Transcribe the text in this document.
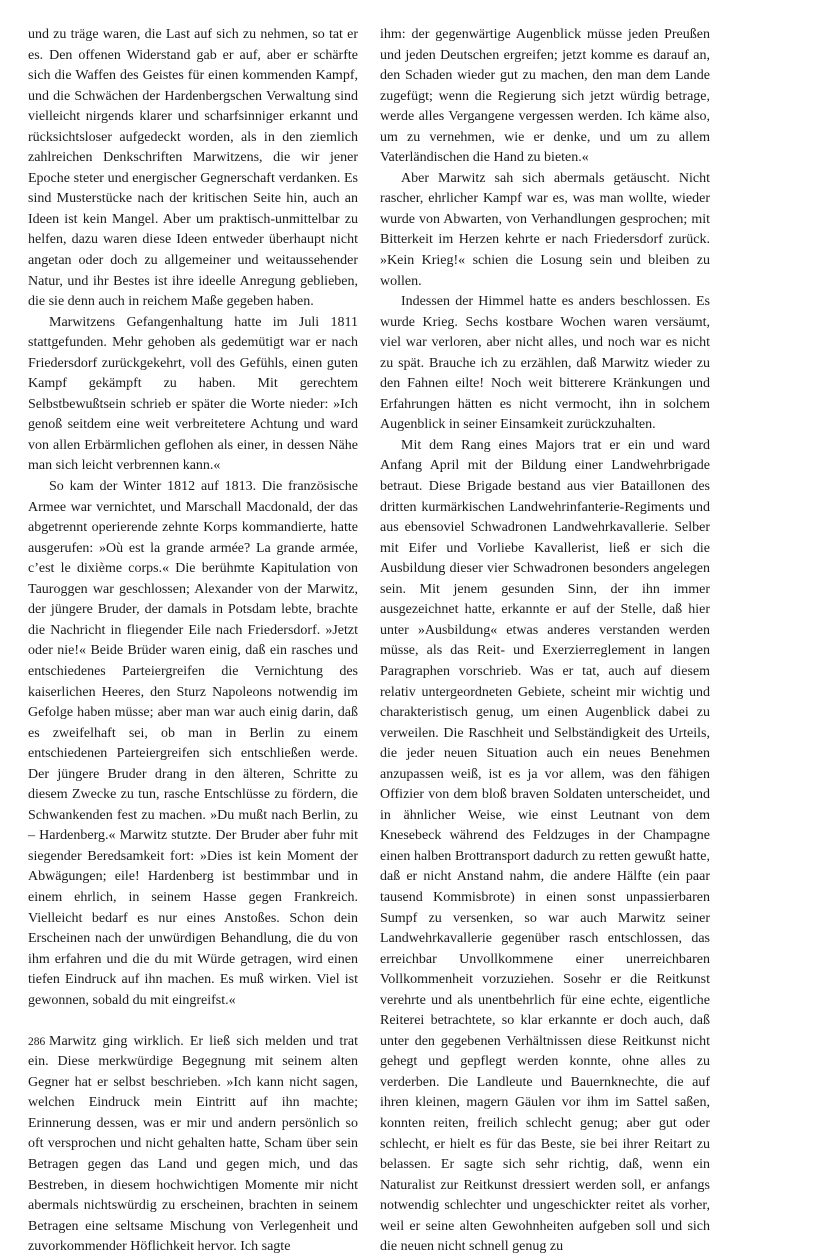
und zu träge waren, die Last auf sich zu nehmen, so tat er es. Den offenen Widerstand gab er auf, aber er schärfte sich die Waffen des Geistes für einen kommenden Kampf, und die Schwächen der Hardenbergschen Verwaltung sind vielleicht nirgends klarer und scharfsinniger erkannt und rücksichtsloser aufgedeckt worden, als in den ziemlich zahlreichen Denkschriften Marwitzens, die wir jener Epoche steter und energischer Gegnerschaft verdanken. Es sind Musterstücke nach der kritischen Seite hin, auch an Ideen ist kein Mangel. Aber um praktisch-unmittelbar zu helfen, dazu waren diese Ideen entweder überhaupt nicht angetan oder doch zu allgemeiner und weitaussehender Natur, und ihr Bestes ist ihre ideelle Anregung geblieben, die sie denn auch in reichem Maße gegeben haben.

Marwitzens Gefangenhaltung hatte im Juli 1811 stattgefunden. Mehr gehoben als gedemütigt war er nach Friedersdorf zurückgekehrt, voll des Gefühls, einen guten Kampf gekämpft zu haben. Mit gerechtem Selbstbewußtsein schrieb er später die Worte nieder: »Ich genoß seitdem eine weit verbreitetere Achtung und ward von allen Erbärmlichen geflohen als einer, in dessen Nähe man sich leicht verbrennen kann.«

So kam der Winter 1812 auf 1813. Die französische Armee war vernichtet, und Marschall Macdonald, der das abgetrennt operierende zehnte Korps kommandierte, hatte ausgerufen: »Où est la grande armée? La grande armée, c’est le dixième corps.« Die berühmte Kapitulation von Tauroggen war geschlossen; Alexander von der Marwitz, der jüngere Bruder, der damals in Potsdam lebte, brachte die Nachricht in fliegender Eile nach Friedersdorf. »Jetzt oder nie!« Beide Brüder waren einig, daß ein rasches und entschiedenes Parteiergreifen die Vernichtung des kaiserlichen Heeres, den Sturz Napoleons notwendig im Gefolge haben müsse; aber man war auch einig darin, daß es zweifelhaft sei, ob man in Berlin zu einem entschiedenen Parteiergreifen sich entschließen werde. Der jüngere Bruder drang in den älteren, Schritte zu diesem Zwecke zu tun, rasche Entschlüsse zu fördern, die Schwankenden fest zu machen. »Du mußt nach Berlin, zu – Hardenberg.« Marwitz stutzte. Der Bruder aber fuhr mit siegender Beredsamkeit fort: »Dies ist kein Moment der Abwägungen; eile! Hardenberg ist bestimmbar und in einem ehrlich, in seinem Hasse gegen Frankreich. Vielleicht bedarf es nur eines Anstoßes. Schon dein Erscheinen nach der unwürdigen Behandlung, die du von ihm erfahren und die du mit Würde getragen, wird einen tiefen Eindruck auf ihn machen. Es muß wirken. Viel ist gewonnen, sobald du mit eingreifst.«

Marwitz ging wirklich. Er ließ sich melden und trat ein. Diese merkwürdige Begegnung mit seinem alten Gegner hat er selbst beschrieben. »Ich kann nicht sagen, welchen Eindruck mein Eintritt auf ihn machte; Erinnerung dessen, was er mir und andern persönlich so oft versprochen und nicht gehalten hatte, Scham über sein Betragen gegen das Land und gegen mich, und das Bestreben, in diesem hochwichtigen Momente mir nicht abermals nichtswürdig zu erscheinen, brachten in seinem Betragen eine seltsame Mischung von Verlegenheit und zuvorkommender Höflichkeit hervor. Ich sagte

ihm: der gegenwärtige Augenblick müsse jeden Preußen und jeden Deutschen ergreifen; jetzt komme es darauf an, den Schaden wieder gut zu machen, den man dem Lande zugefügt; wenn die Regierung sich jetzt würdig betrage, werde alles Vergangene vergessen werden. Ich käme also, um zu vernehmen, wie er denke, und um zu allem Vaterländischen die Hand zu bieten.«

Aber Marwitz sah sich abermals getäuscht. Nicht rascher, ehrlicher Kampf war es, was man wollte, wieder wurde von Abwarten, von Verhandlungen gesprochen; mit Bitterkeit im Herzen kehrte er nach Friedersdorf zurück. »Kein Krieg!« schien die Losung sein und bleiben zu wollen.

Indessen der Himmel hatte es anders beschlossen. Es wurde Krieg. Sechs kostbare Wochen waren versäumt, viel war verloren, aber nicht alles, und noch war es nicht zu spät. Brauche ich zu erzählen, daß Marwitz wieder zu den Fahnen eilte! Noch weit bitterere Kränkungen und Erfahrungen hätten es nicht vermocht, ihn in solchem Augenblick in seiner Einsamkeit zurückzuhalten.

Mit dem Rang eines Majors trat er ein und ward Anfang April mit der Bildung einer Landwehrbrigade betraut. Diese Brigade bestand aus vier Bataillonen des dritten kurmärkischen Landwehrinfanterie-Regiments und aus ebensoviel Schwadronen Landwehrkavallerie. Selber mit Eifer und Vorliebe Kavallerist, ließ er sich die Ausbildung dieser vier Schwadronen besonders angelegen sein. Mit jenem gesunden Sinn, der ihn immer ausgezeichnet hatte, erkannte er auf der Stelle, daß hier unter »Ausbildung« etwas anderes verstanden werden müsse, als das Reit- und Exerzierreglement in langen Paragraphen vorschrieb. Was er tat, auch auf diesem relativ untergeordneten Gebiete, scheint mir wichtig und charakteristisch genug, um einen Augenblick dabei zu verweilen. Die Raschheit und Selbständigkeit des Urteils, die jeder neuen Situation auch ein neues Benehmen anzupassen weiß, ist es ja vor allem, was den fähigen Offizier von dem bloß braven Soldaten unterscheidet, und in ähnlicher Weise, wie einst Leutnant von dem Knesebeck während des Feldzuges in der Champagne einen halben Brottransport dadurch zu retten gewußt hatte, daß er nicht Anstand nahm, die andere Hälfte (ein paar tausend Kommisbrote) in einen sonst unpassierbaren Sumpf zu versenken, so war auch Marwitz seiner Landwehrkavallerie gegenüber rasch entschlossen, das erreichbar Unvollkommene einer unerreichbaren Vollkommenheit vorzuziehen. Sosehr er die Reitkunst verehrte und als unentbehrlich für eine echte, eigentliche Reiterei betrachtete, so klar erkannte er doch auch, daß unter den gegebenen Verhältnissen diese Reitkunst nicht gehegt und gepflegt werden konnte, ohne alles zu verderben. Die Landleute und Bauernknechte, die auf ihren kleinen, magern Gäulen vor ihm im Sattel saßen, konnten reiten, freilich schlecht genug; aber gut oder schlecht, er hielt es für das Beste, sie bei ihrer Reitart zu belassen. Er sagte sich sehr richtig, daß, wenn ein Naturalist zur Reitkunst dressiert werden soll, er anfangs notwendig schlechter und ungeschickter reitet als vorher, weil er seine alten Gewohnheiten aufgeben soll und sich die neuen nicht schnell genug zu

286
